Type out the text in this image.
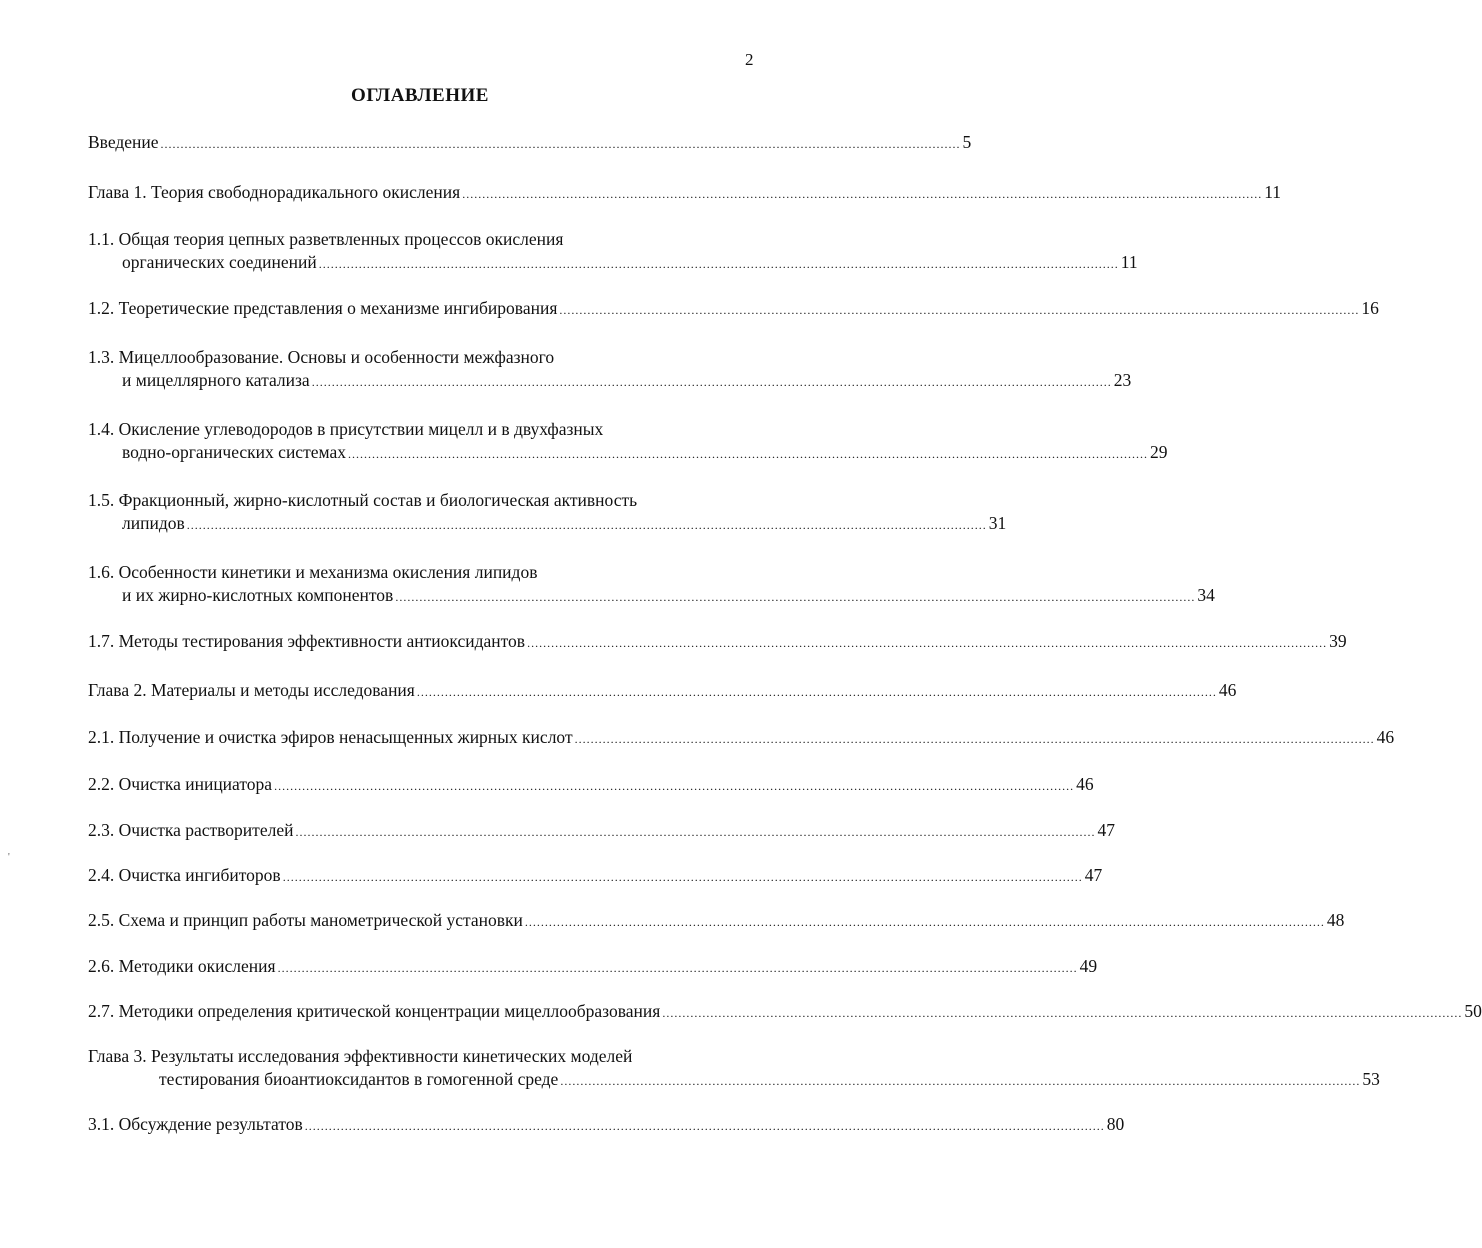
2
ОГЛАВЛЕНИЕ
'
Введение ........................................................................................................................................................................................................ 5
Глава 1. Теория свободнорадикального окисления ........................................................................................................................................................................................................ 11
1.1. Общая теория цепных разветвленных процессов окисления
органических соединений ........................................................................................................................................................................................................ 11
1.2. Теоретические представления о механизме ингибирования ........................................................................................................................................................................................................ 16
1.3. Мицеллообразование. Основы и особенности межфазного
и мицеллярного катализа ........................................................................................................................................................................................................ 23
1.4. Окисление углеводородов в присутствии мицелл и в двухфазных
водно-органических системах ........................................................................................................................................................................................................ 29
1.5. Фракционный, жирно-кислотный состав и биологическая активность
липидов ........................................................................................................................................................................................................ 31
1.6. Особенности кинетики и механизма окисления липидов
и их жирно-кислотных компонентов ........................................................................................................................................................................................................ 34
1.7. Методы тестирования эффективности антиоксидантов ........................................................................................................................................................................................................ 39
Глава 2. Материалы и методы исследования ........................................................................................................................................................................................................ 46
2.1. Получение и очистка эфиров ненасыщенных жирных кислот ........................................................................................................................................................................................................ 46
2.2. Очистка инициатора ........................................................................................................................................................................................................ 46
2.3. Очистка растворителей ........................................................................................................................................................................................................ 47
2.4. Очистка ингибиторов ........................................................................................................................................................................................................ 47
2.5. Схема и принцип работы манометрической установки ........................................................................................................................................................................................................ 48
2.6. Методики окисления ........................................................................................................................................................................................................ 49
2.7. Методики определения критической концентрации мицеллообразования ........................................................................................................................................................................................................ 50
Глава 3. Результаты исследования эффективности кинетических моделей
тестирования биоантиоксидантов в гомогенной среде ........................................................................................................................................................................................................ 53
3.1. Обсуждение результатов ........................................................................................................................................................................................................ 80
